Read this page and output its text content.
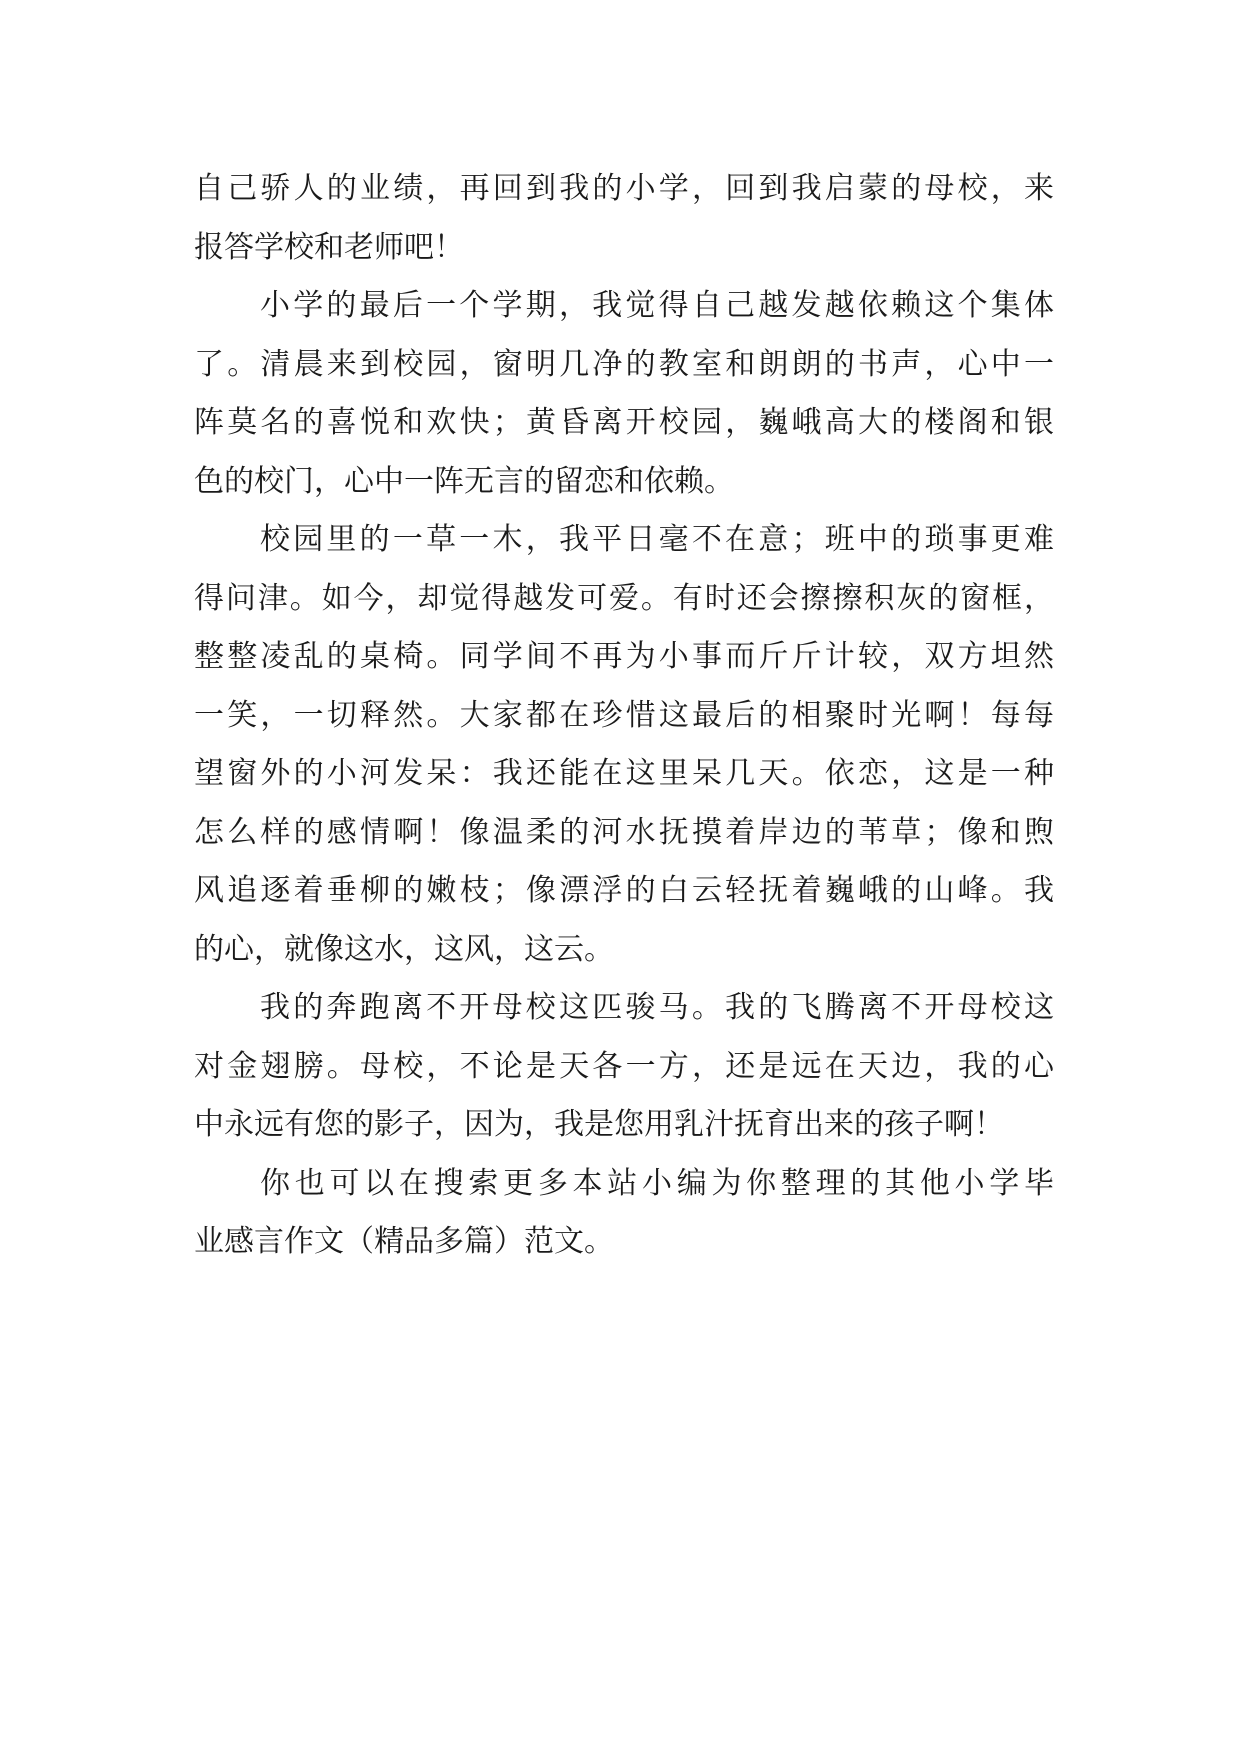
自己骄人的业绩，再回到我的小学，回到我启蒙的母校，来
报答学校和老师吧！
小学的最后一个学期，我觉得自己越发越依赖这个集体
了。清晨来到校园，窗明几净的教室和朗朗的书声，心中一
阵莫名的喜悦和欢快；黄昏离开校园，巍峨高大的楼阁和银
色的校门，心中一阵无言的留恋和依赖。
校园里的一草一木，我平日毫不在意；班中的琐事更难
得问津。如今，却觉得越发可爱。有时还会擦擦积灰的窗框，
整整凌乱的桌椅。同学间不再为小事而斤斤计较，双方坦然
一笑，一切释然。大家都在珍惜这最后的相聚时光啊！每每
望窗外的小河发呆：我还能在这里呆几天。依恋，这是一种
怎么样的感情啊！像温柔的河水抚摸着岸边的苇草；像和煦
风追逐着垂柳的嫩枝；像漂浮的白云轻抚着巍峨的山峰。我
的心，就像这水，这风，这云。
我的奔跑离不开母校这匹骏马。我的飞腾离不开母校这
对金翅膀。母校，不论是天各一方，还是远在天边，我的心
中永远有您的影子，因为，我是您用乳汁抚育出来的孩子啊！
你也可以在搜索更多本站小编为你整理的其他小学毕
业感言作文（精品多篇）范文。
